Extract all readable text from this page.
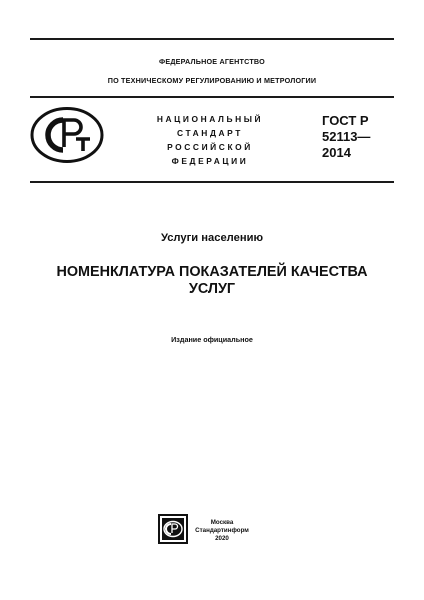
ФЕДЕРАЛЬНОЕ АГЕНТСТВО
ПО ТЕХНИЧЕСКОМУ РЕГУЛИРОВАНИЮ И МЕТРОЛОГИИ
НАЦИОНАЛЬНЫЙ
СТАНДАРТ
РОССИЙСКОЙ
ФЕДЕРАЦИИ
ГОСТ Р
52113—
2014
Услуги населению
НОМЕНКЛАТУРА ПОКАЗАТЕЛЕЙ КАЧЕСТВА
УСЛУГ
Издание официальное
Москва
Стандартинформ
2020
